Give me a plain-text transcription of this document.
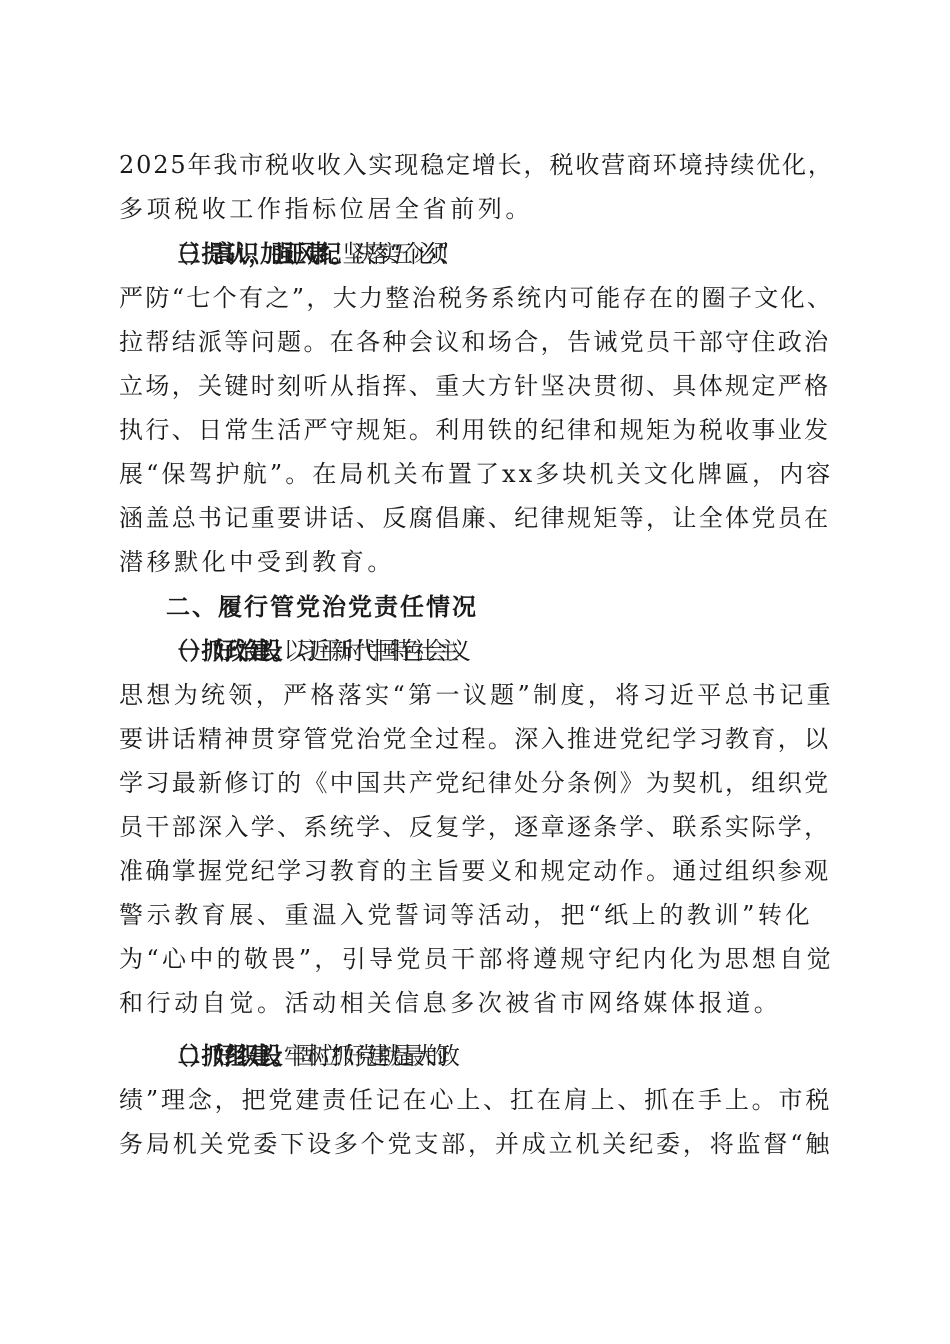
2025年我市税收收入实现稳定增长，税收营商环境持续优化，
多项税收工作指标位居全省前列。
（三）提高认识，加强正风肃纪。坚决落实“五个必须”、
严防“七个有之”，大力整治税务系统内可能存在的圈子文化、
拉帮结派等问题。在各种会议和场合，告诫党员干部守住政治
立场，关键时刻听从指挥、重大方针坚决贯彻、具体规定严格
执行、日常生活严守规矩。利用铁的纪律和规矩为税收事业发
展“保驾护航”。在局机关布置了xx多块机关文化牌匾，内容
涵盖总书记重要讲话、反腐倡廉、纪律规矩等，让全体党员在
潜移默化中受到教育。
二、履行管党治党责任情况
（一）抓好政治建设。以习近平新时代中国特色社会主义
思想为统领，严格落实“第一议题”制度，将习近平总书记重
要讲话精神贯穿管党治党全过程。深入推进党纪学习教育，以
学习最新修订的《中国共产党纪律处分条例》为契机，组织党
员干部深入学、系统学、反复学，逐章逐条学、联系实际学，
准确掌握党纪学习教育的主旨要义和规定动作。通过组织参观
警示教育展、重温入党誓词等活动，把“纸上的教训”转化
为“心中的敬畏”，引导党员干部将遵规守纪内化为思想自觉
和行动自觉。活动相关信息多次被省市网络媒体报道。
（二）抓好组织建设。牢固树立“抓好党建就是最大的政
绩”理念，把党建责任记在心上、扛在肩上、抓在手上。市税
务局机关党委下设多个党支部，并成立机关纪委，将监督“触
